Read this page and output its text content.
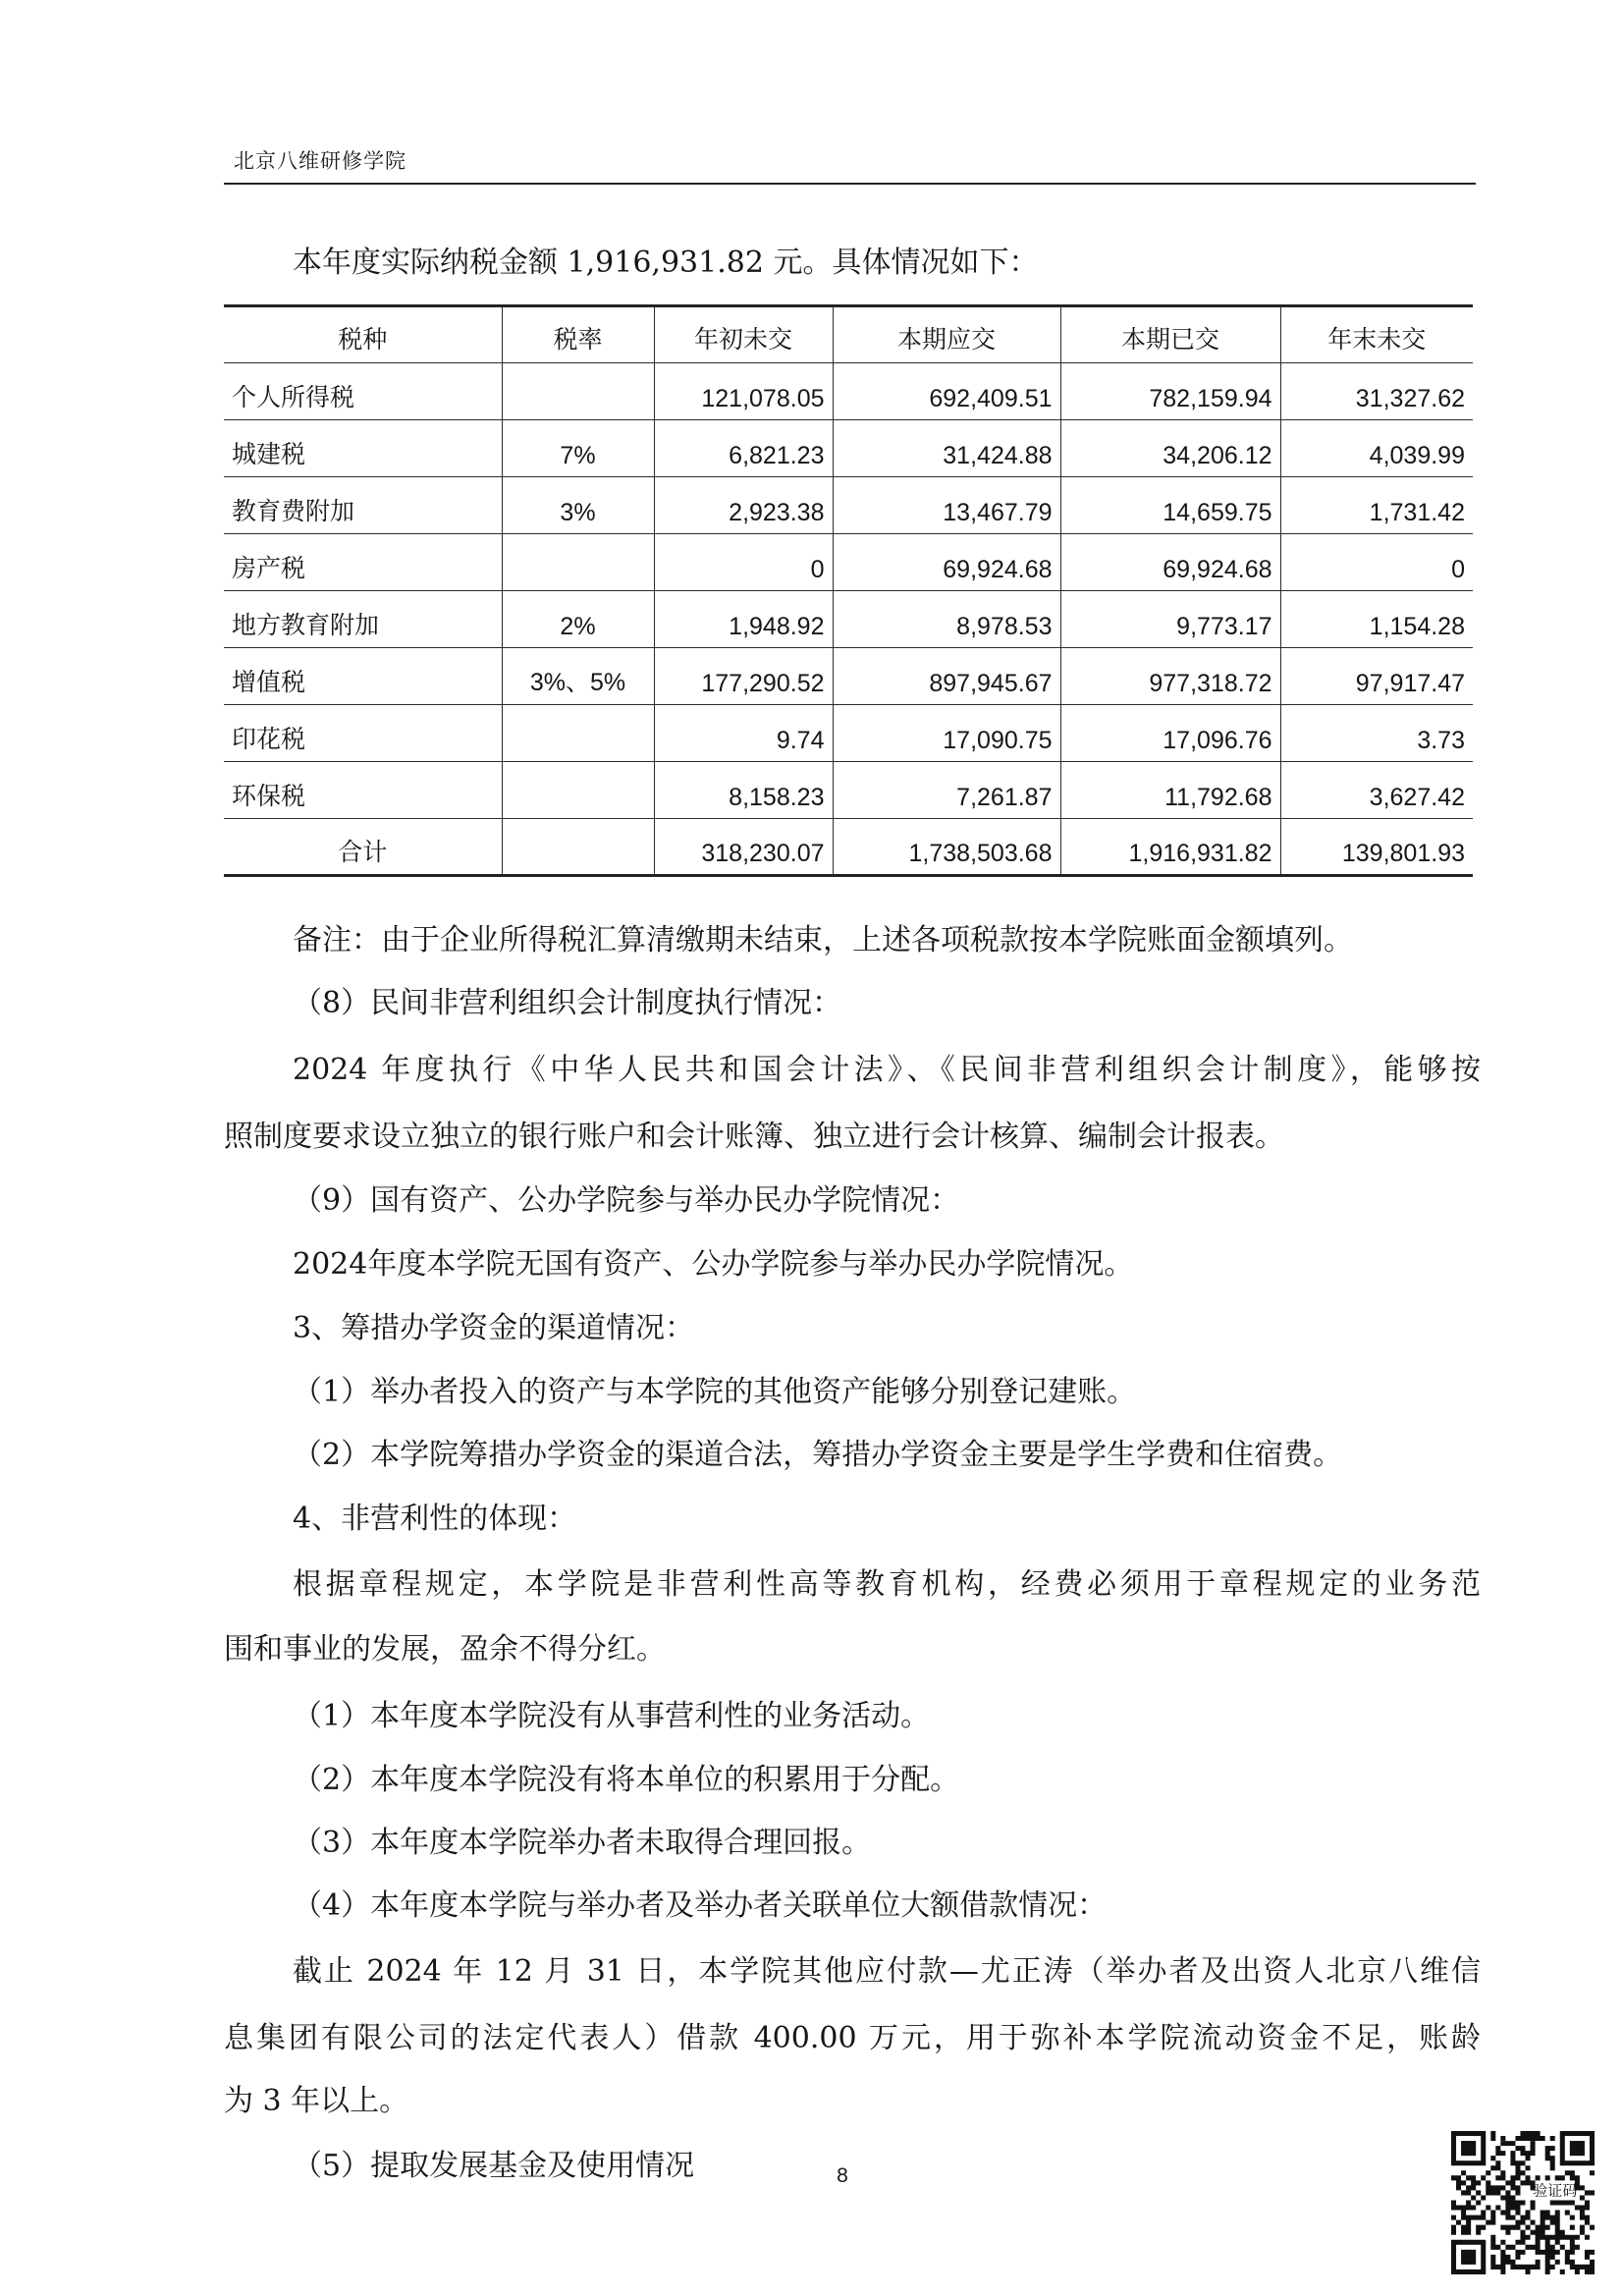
北京八维研修学院
本年度实际纳税金额 1,916,931.82 元。具体情况如下：
税种	税率	年初未交	本期应交	本期已交	年末未交
个人所得税		121,078.05	692,409.51	782,159.94	31,327.62
城建税	7%	6,821.23	31,424.88	34,206.12	4,039.99
教育费附加	3%	2,923.38	13,467.79	14,659.75	1,731.42
房产税		0	69,924.68	69,924.68	0
地方教育附加	2%	1,948.92	8,978.53	9,773.17	1,154.28
增值税	3%、5%	177,290.52	897,945.67	977,318.72	97,917.47
印花税		9.74	17,090.75	17,096.76	3.73
环保税		8,158.23	7,261.87	11,792.68	3,627.42
合计		318,230.07	1,738,503.68	1,916,931.82	139,801.93
备注：由于企业所得税汇算清缴期未结束，上述各项税款按本学院账面金额填列。
（8）民间非营利组织会计制度执行情况：
2024 年度执行《中华人民共和国会计法》、《民间非营利组织会计制度》，能够按
照制度要求设立独立的银行账户和会计账簿、独立进行会计核算、编制会计报表。
（9）国有资产、公办学院参与举办民办学院情况：
2024年度本学院无国有资产、公办学院参与举办民办学院情况。
3、筹措办学资金的渠道情况：
（1）举办者投入的资产与本学院的其他资产能够分别登记建账。
（2）本学院筹措办学资金的渠道合法，筹措办学资金主要是学生学费和住宿费。
4、非营利性的体现：
根据章程规定，本学院是非营利性高等教育机构，经费必须用于章程规定的业务范
围和事业的发展，盈余不得分红。
（1）本年度本学院没有从事营利性的业务活动。
（2）本年度本学院没有将本单位的积累用于分配。
（3）本年度本学院举办者未取得合理回报。
（4）本年度本学院与举办者及举办者关联单位大额借款情况：
截止 2024 年 12 月 31 日，本学院其他应付款—尤正涛（举办者及出资人北京八维信
息集团有限公司的法定代表人）借款 400.00 万元，用于弥补本学院流动资金不足，账龄
为 3 年以上。
（5）提取发展基金及使用情况	8
验证码
